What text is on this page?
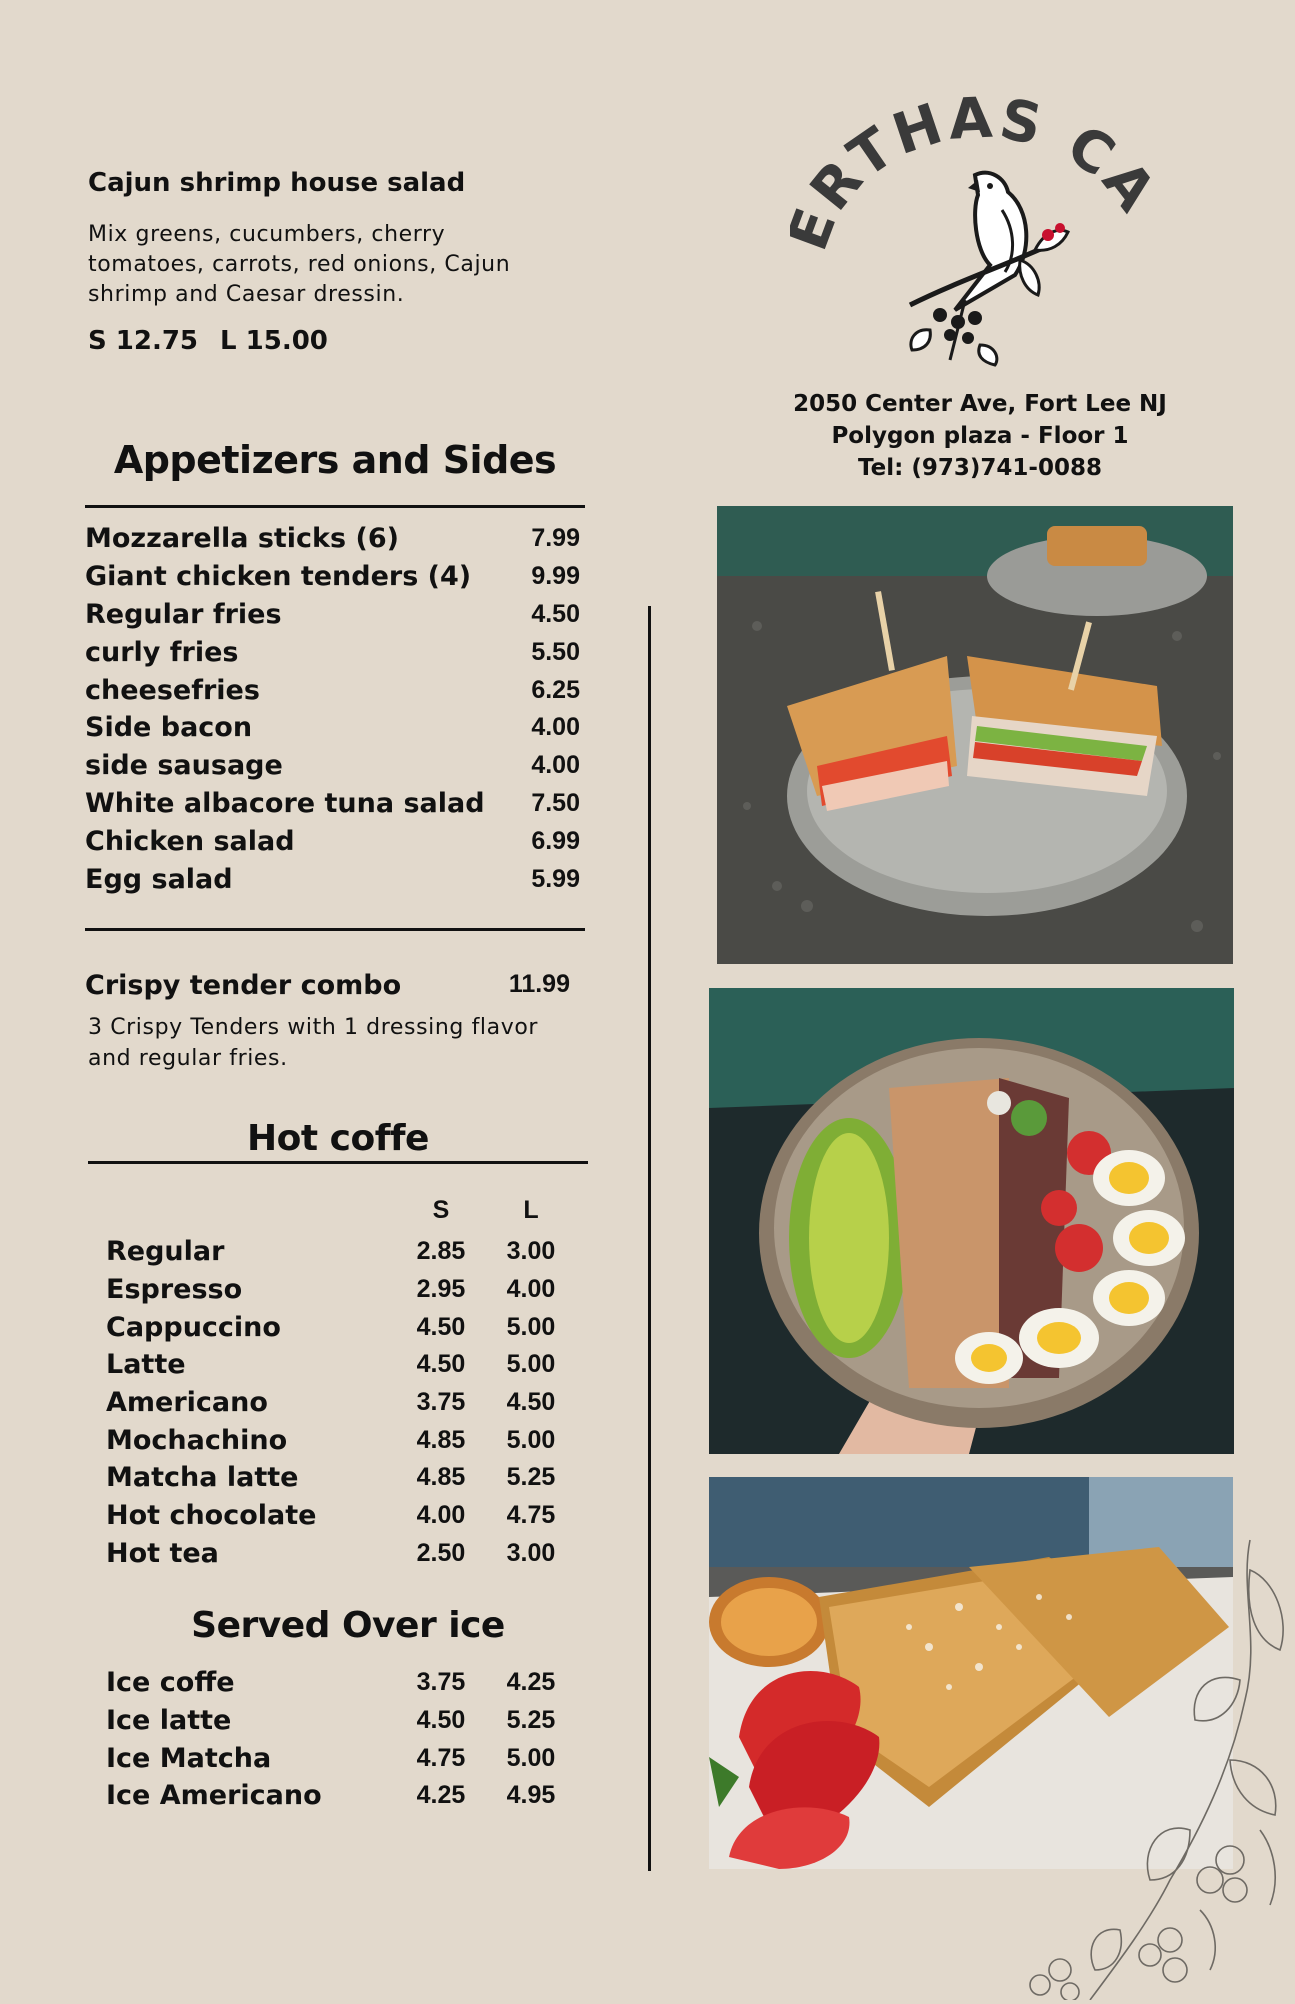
Cajun shrimp house salad
Mix greens, cucumbers, cherry tomatoes, carrots, red onions, Cajun shrimp and Caesar dressin.
S 12.75 L 15.00
Appetizers and Sides
Mozzarella sticks (6)	7.99
Giant chicken tenders (4)	9.99
Regular fries	4.50
curly fries	5.50
cheesefries	6.25
Side bacon	4.00
side sausage	4.00
White albacore tuna salad	7.50
Chicken salad	6.99
Egg salad	5.99
Crispy tender combo	11.99
3 Crispy Tenders with 1 dressing flavor and regular fries.
Hot coffe
S	L
Regular	2.85	3.00
Espresso	2.95	4.00
Cappuccino	4.50	5.00
Latte	4.50	5.00
Americano	3.75	4.50
Mochachino	4.85	5.00
Matcha latte	4.85	5.25
Hot chocolate	4.00	4.75
Hot tea	2.50	3.00
Served Over ice
Ice coffe	3.75	4.25
Ice latte	4.50	5.25
Ice Matcha	4.75	5.00
Ice Americano	4.25	4.95
RTHAS CA
2050 Center Ave, Fort Lee NJ
Polygon plaza - Floor 1
Tel: (973)741-0088
